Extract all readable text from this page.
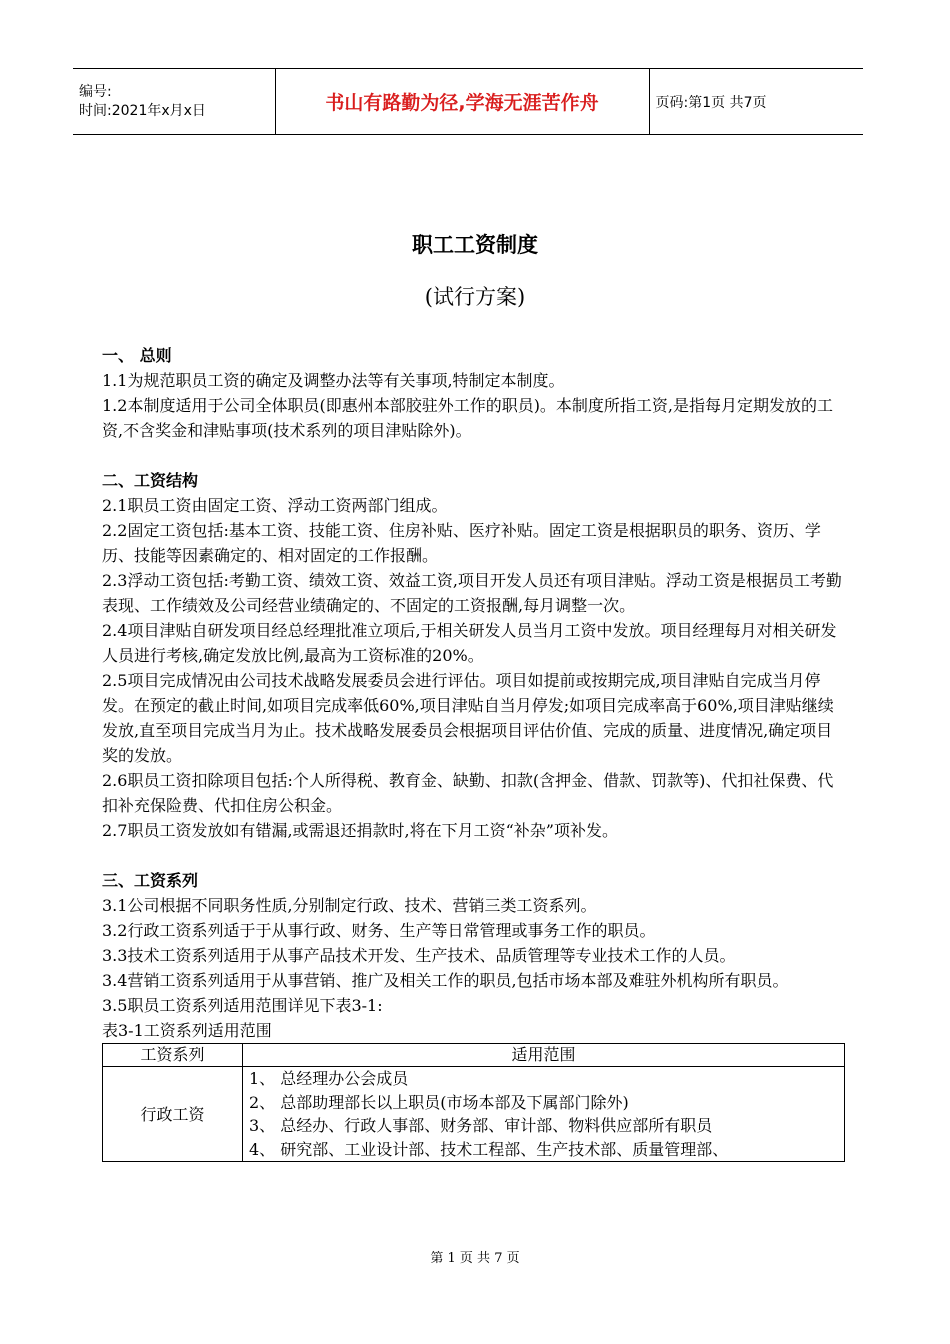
编号:
时间:2021年x月x日	书山有路勤为径,学海无涯苦作舟	页码:第1页 共7页
职工工资制度
(试行方案)
一、 总则

1.1为规范职员工资的确定及调整办法等有关事项,特制定本制度。

1.2本制度适用于公司全体职员(即惠州本部胶驻外工作的职员)。本制度所指工资,是指每月定期发放的工资,不含奖金和津贴事项(技术系列的项目津贴除外)。

二、工资结构

2.1职员工资由固定工资、浮动工资两部门组成。

2.2固定工资包括:基本工资、技能工资、住房补贴、医疗补贴。固定工资是根据职员的职务、资历、学历、技能等因素确定的、相对固定的工作报酬。

2.3浮动工资包括:考勤工资、绩效工资、效益工资,项目开发人员还有项目津贴。浮动工资是根据员工考勤表现、工作绩效及公司经营业绩确定的、不固定的工资报酬,每月调整一次。

2.4项目津贴自研发项目经总经理批准立项后,于相关研发人员当月工资中发放。项目经理每月对相关研发人员进行考核,确定发放比例,最高为工资标准的20%。

2.5项目完成情况由公司技术战略发展委员会进行评估。项目如提前或按期完成,项目津贴自完成当月停发。在预定的截止时间,如项目完成率低60%,项目津贴自当月停发;如项目完成率高于60%,项目津贴继续发放,直至项目完成当月为止。技术战略发展委员会根据项目评估价值、完成的质量、进度情况,确定项目奖的发放。

2.6职员工资扣除项目包括:个人所得税、教育金、缺勤、扣款(含押金、借款、罚款等)、代扣社保费、代扣补充保险费、代扣住房公积金。

2.7职员工资发放如有错漏,或需退还捐款时,将在下月工资“补杂”项补发。

三、工资系列

3.1公司根据不同职务性质,分别制定行政、技术、营销三类工资系列。

3.2行政工资系列适于于从事行政、财务、生产等日常管理或事务工作的职员。

3.3技术工资系列适用于从事产品技术开发、生产技术、品质管理等专业技术工作的人员。

3.4营销工资系列适用于从事营销、推广及相关工作的职员,包括市场本部及难驻外机构所有职员。

3.5职员工资系列适用范围详见下表3-1:

表3-1工资系列适用范围

工资系列	适用范围
行政工资	1、 总经理办公会成员
2、 总部助理部长以上职员(市场本部及下属部门除外)
3、 总经办、行政人事部、财务部、审计部、物料供应部所有职员
4、 研究部、工业设计部、技术工程部、生产技术部、质量管理部、
第 1 页 共 7 页
